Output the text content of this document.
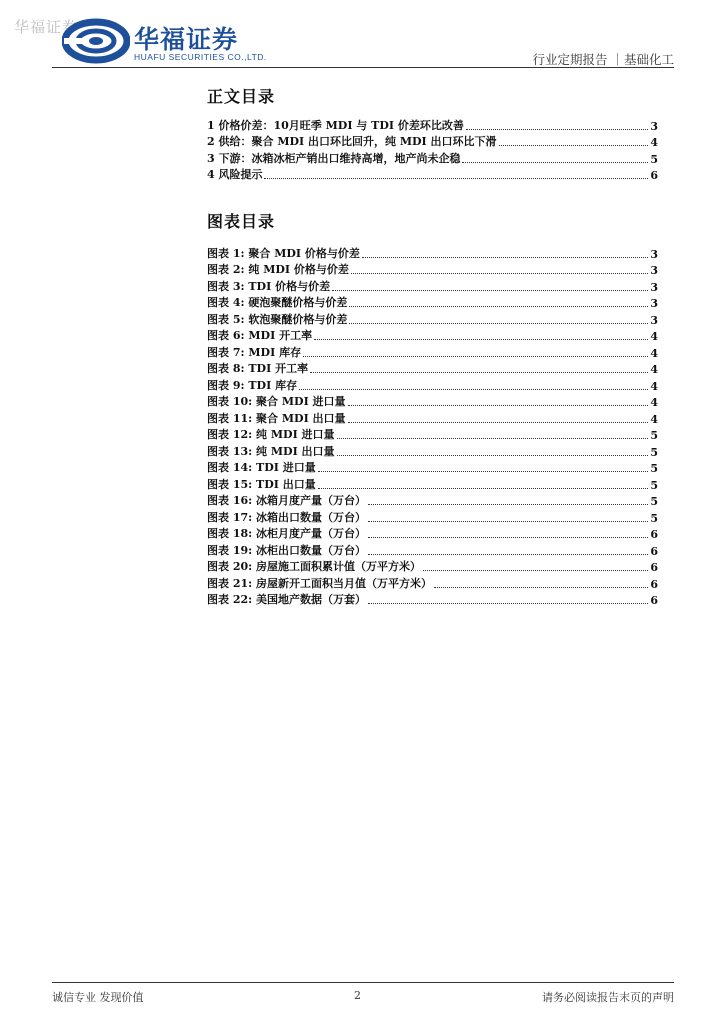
华福证券 华福证券
HUAFU SECURITIES CO.,LTD.	行业定期报告 ｜基础化工
正文目录
1 价格价差：10月旺季 MDI 与 TDI 价差环比改善	3
2 供给：聚合 MDI 出口环比回升，纯 MDI 出口环比下滑	4
3 下游：冰箱冰柜产销出口维持高增，地产尚未企稳	5
4 风险提示	6
图表目录
图表 1: 聚合 MDI 价格与价差	3
图表 2: 纯 MDI 价格与价差	3
图表 3: TDI 价格与价差	3
图表 4: 硬泡聚醚价格与价差	3
图表 5: 软泡聚醚价格与价差	3
图表 6: MDI 开工率	4
图表 7: MDI 库存	4
图表 8: TDI 开工率	4
图表 9: TDI 库存	4
图表 10: 聚合 MDI 进口量	4
图表 11: 聚合 MDI 出口量	4
图表 12: 纯 MDI 进口量	5
图表 13: 纯 MDI 出口量	5
图表 14: TDI 进口量	5
图表 15: TDI 出口量	5
图表 16: 冰箱月度产量（万台）	5
图表 17: 冰箱出口数量（万台）	5
图表 18: 冰柜月度产量（万台）	6
图表 19: 冰柜出口数量（万台）	6
图表 20: 房屋施工面积累计值（万平方米）	6
图表 21: 房屋新开工面积当月值（万平方米）	6
图表 22: 美国地产数据（万套）	6
诚信专业 发现价值	2	请务必阅读报告末页的声明
